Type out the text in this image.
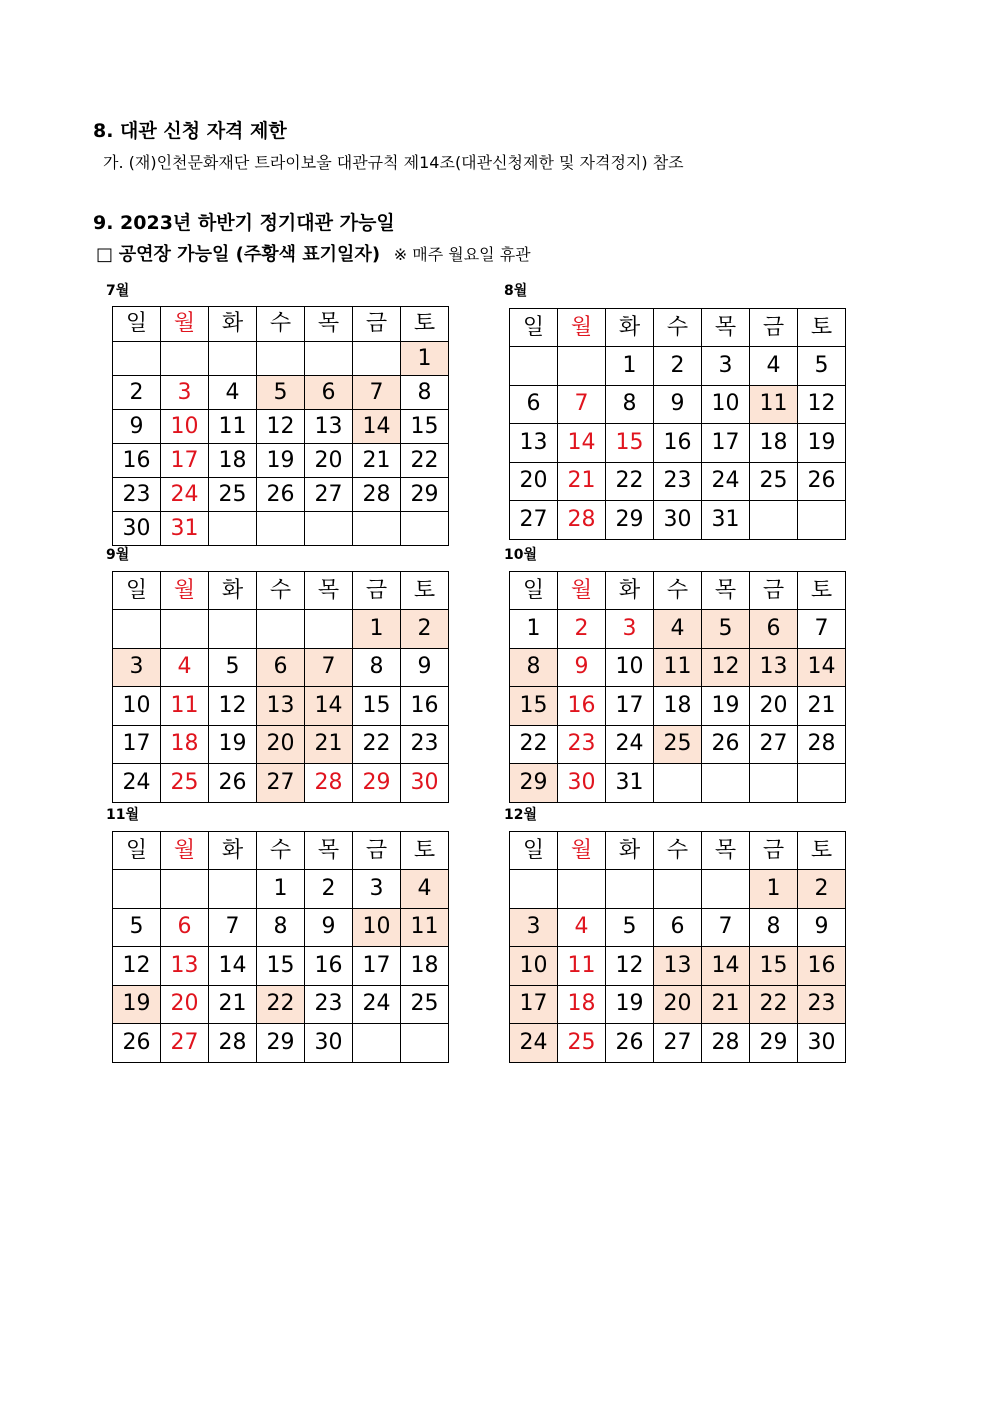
8. 대관 신청 자격 제한
가. (재)인천문화재단 트라이보울 대관규칙 제14조(대관신청제한 및 자격정지) 참조
9. 2023년 하반기 정기대관 가능일
□ 공연장 가능일 (주황색 표기일자) ※ 매주 월요일 휴관
7월
일	월	화	수	목	금	토
						1
2	3	4	5	6	7	8
9	10	11	12	13	14	15
16	17	18	19	20	21	22
23	24	25	26	27	28	29
30	31					
8월
일	월	화	수	목	금	토
		1	2	3	4	5
6	7	8	9	10	11	12
13	14	15	16	17	18	19
20	21	22	23	24	25	26
27	28	29	30	31		
9월
일	월	화	수	목	금	토
					1	2
3	4	5	6	7	8	9
10	11	12	13	14	15	16
17	18	19	20	21	22	23
24	25	26	27	28	29	30
10월
일	월	화	수	목	금	토
1	2	3	4	5	6	7
8	9	10	11	12	13	14
15	16	17	18	19	20	21
22	23	24	25	26	27	28
29	30	31				
11월
일	월	화	수	목	금	토
			1	2	3	4
5	6	7	8	9	10	11
12	13	14	15	16	17	18
19	20	21	22	23	24	25
26	27	28	29	30		
12월
일	월	화	수	목	금	토
					1	2
3	4	5	6	7	8	9
10	11	12	13	14	15	16
17	18	19	20	21	22	23
24	25	26	27	28	29	30
